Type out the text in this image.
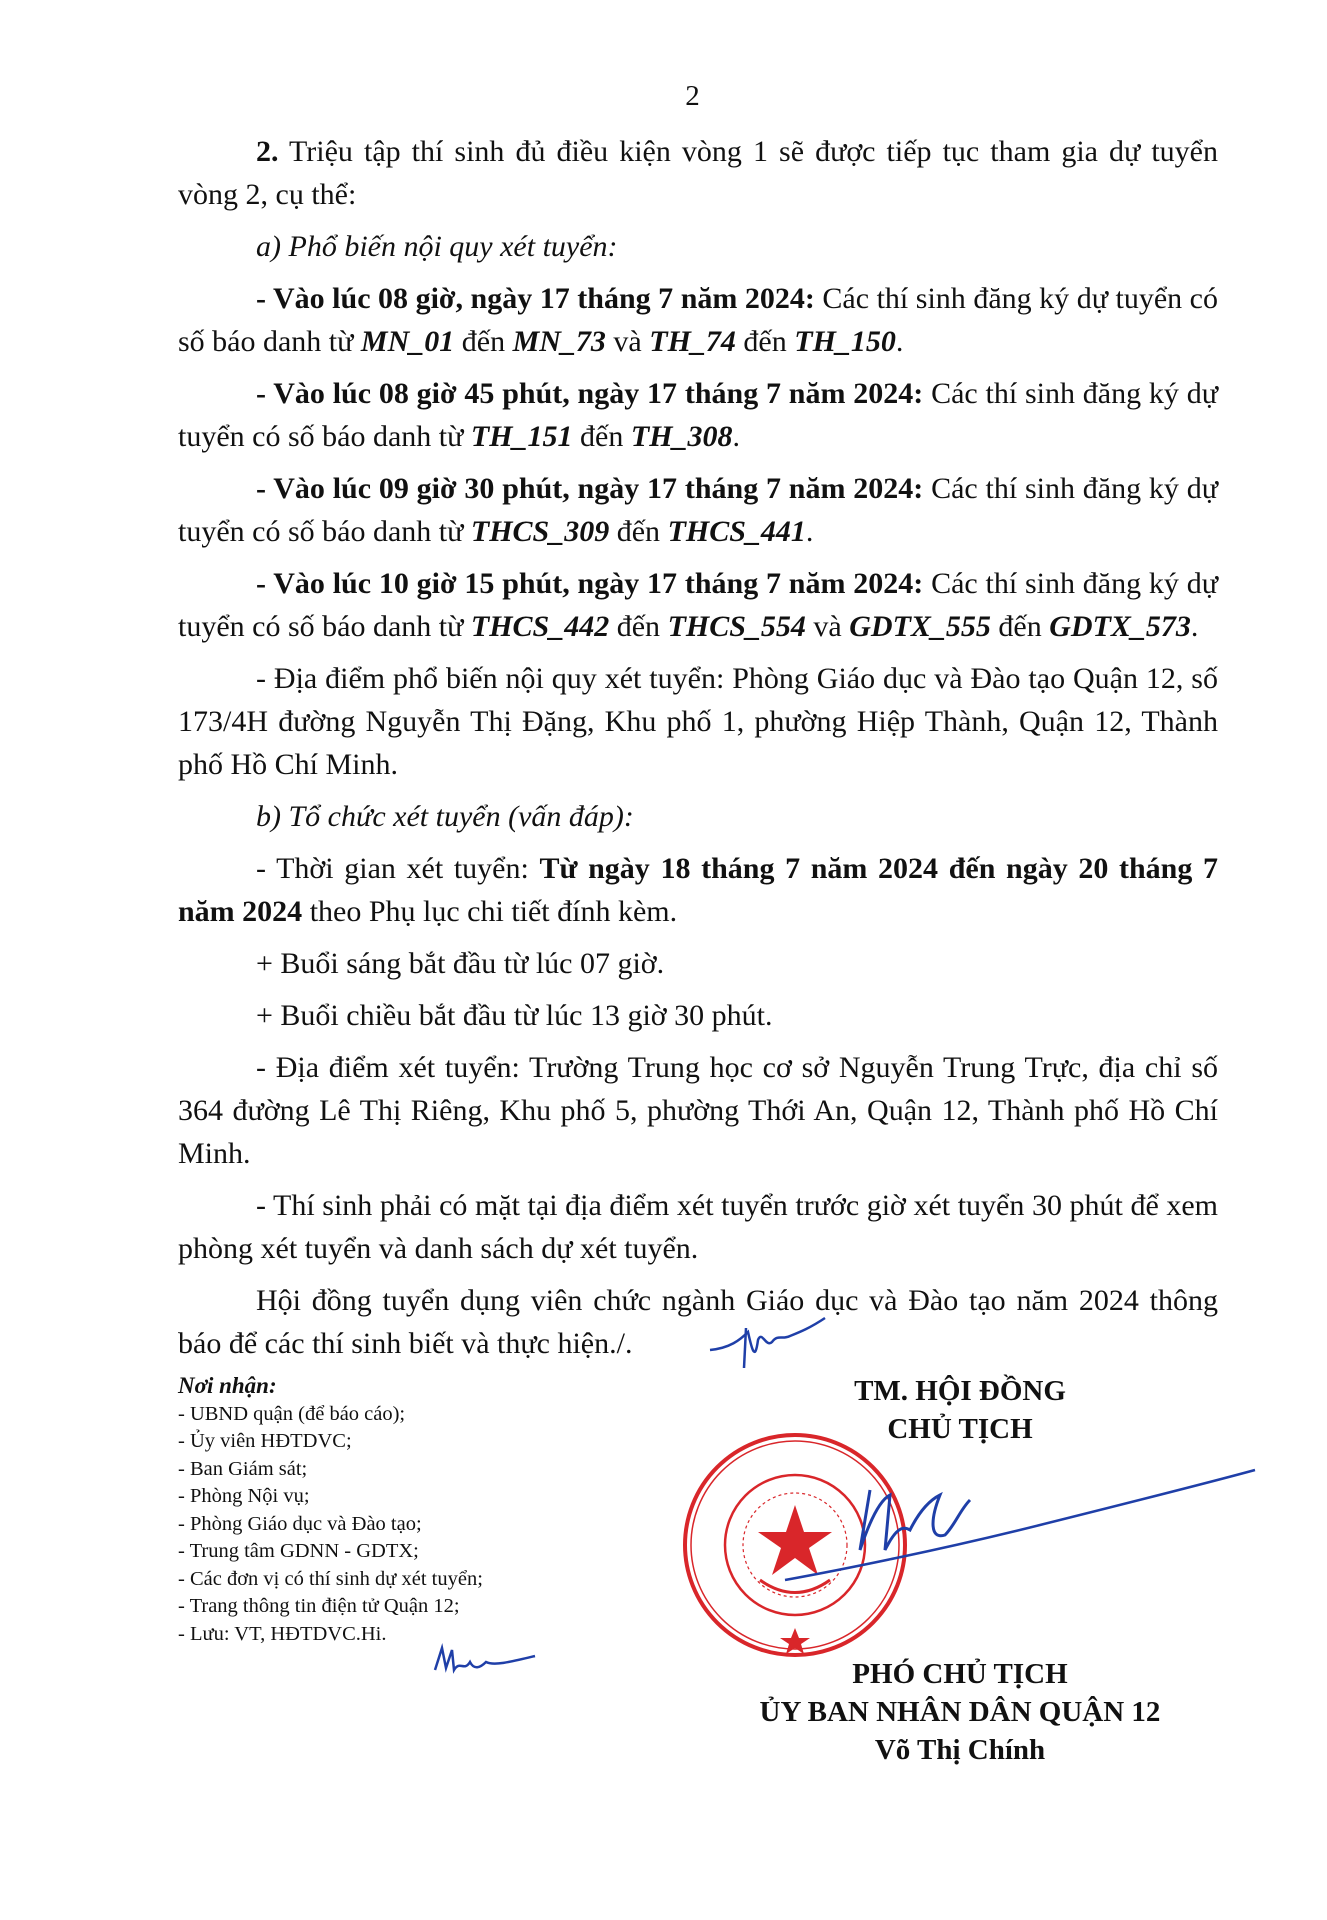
2

2. Triệu tập thí sinh đủ điều kiện vòng 1 sẽ được tiếp tục tham gia dự tuyển vòng 2, cụ thể:

a) Phổ biến nội quy xét tuyển:

- Vào lúc 08 giờ, ngày 17 tháng 7 năm 2024: Các thí sinh đăng ký dự tuyển có số báo danh từ MN_01 đến MN_73 và TH_74 đến TH_150.

- Vào lúc 08 giờ 45 phút, ngày 17 tháng 7 năm 2024: Các thí sinh đăng ký dự tuyển có số báo danh từ TH_151 đến TH_308.

- Vào lúc 09 giờ 30 phút, ngày 17 tháng 7 năm 2024: Các thí sinh đăng ký dự tuyển có số báo danh từ THCS_309 đến THCS_441.

- Vào lúc 10 giờ 15 phút, ngày 17 tháng 7 năm 2024: Các thí sinh đăng ký dự tuyển có số báo danh từ THCS_442 đến THCS_554 và GDTX_555 đến GDTX_573.

- Địa điểm phổ biến nội quy xét tuyển: Phòng Giáo dục và Đào tạo Quận 12, số 173/4H đường Nguyễn Thị Đặng, Khu phố 1, phường Hiệp Thành, Quận 12, Thành phố Hồ Chí Minh.

b) Tổ chức xét tuyển (vấn đáp):

- Thời gian xét tuyển: Từ ngày 18 tháng 7 năm 2024 đến ngày 20 tháng 7 năm 2024 theo Phụ lục chi tiết đính kèm.

+ Buổi sáng bắt đầu từ lúc 07 giờ.

+ Buổi chiều bắt đầu từ lúc 13 giờ 30 phút.

- Địa điểm xét tuyển: Trường Trung học cơ sở Nguyễn Trung Trực, địa chỉ số 364 đường Lê Thị Riêng, Khu phố 5, phường Thới An, Quận 12, Thành phố Hồ Chí Minh.

- Thí sinh phải có mặt tại địa điểm xét tuyển trước giờ xét tuyển 30 phút để xem phòng xét tuyển và danh sách dự xét tuyển.

Hội đồng tuyển dụng viên chức ngành Giáo dục và Đào tạo năm 2024 thông báo để các thí sinh biết và thực hiện./.

Nơi nhận:
- UBND quận (để báo cáo);
- Ủy viên HĐTDVC;
- Ban Giám sát;
- Phòng Nội vụ;
- Phòng Giáo dục và Đào tạo;
- Trung tâm GDNN - GDTX;
- Các đơn vị có thí sinh dự xét tuyển;
- Trang thông tin điện tử Quận 12;
- Lưu: VT, HĐTDVC.Hi.
TM. HỘI ĐỒNG
CHỦ TỊCH
PHÓ CHỦ TỊCH
ỦY BAN NHÂN DÂN QUẬN 12
Võ Thị Chính
